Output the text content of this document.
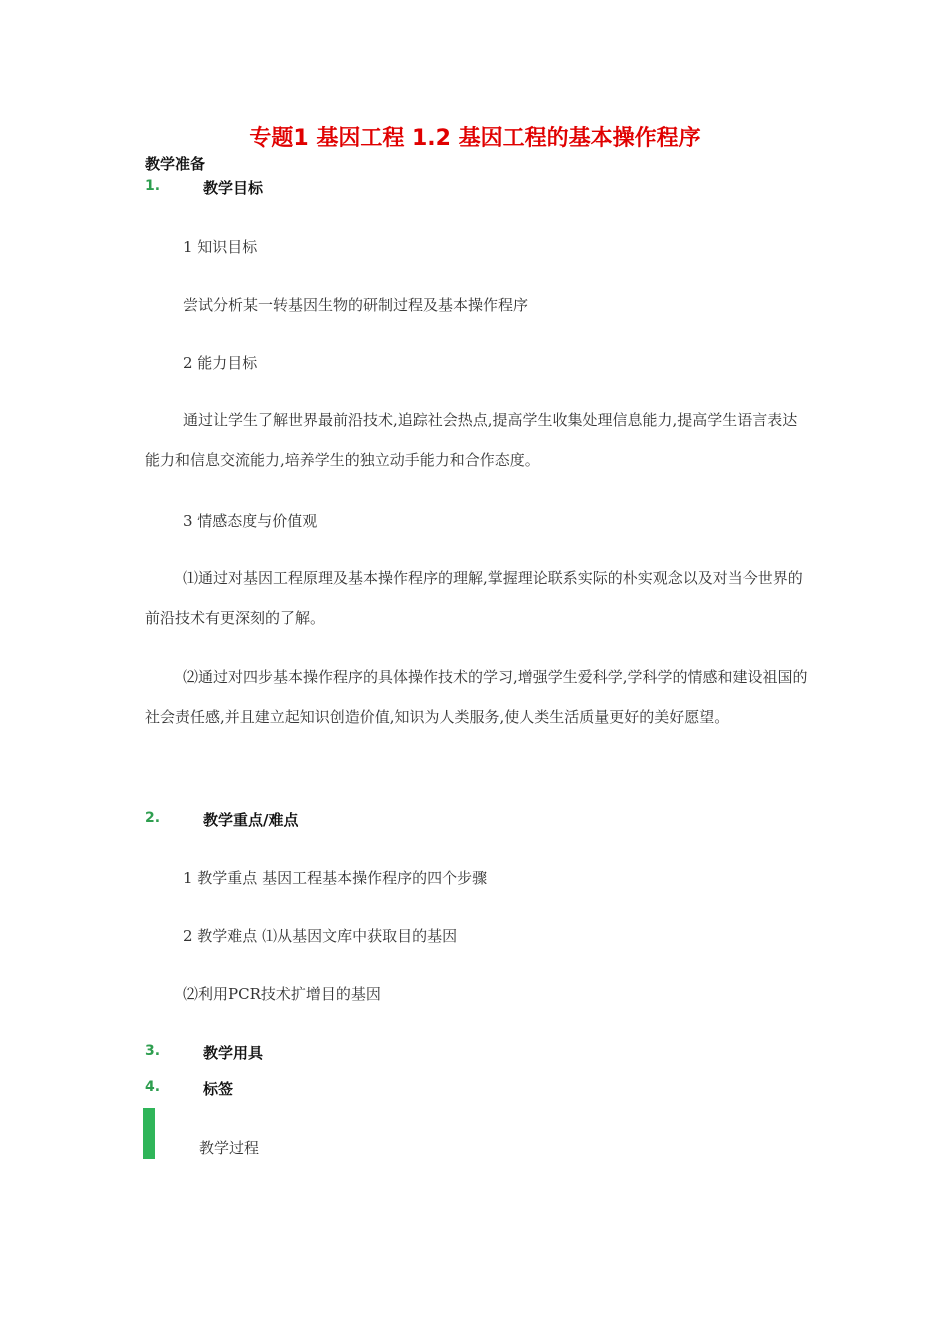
专题1 基因工程 1.2 基因工程的基本操作程序
教学准备
1.	教学目标
1 知识目标
尝试分析某一转基因生物的研制过程及基本操作程序
2 能力目标
通过让学生了解世界最前沿技术,追踪社会热点,提高学生收集处理信息能力,提高学生语言表达能力和信息交流能力,培养学生的独立动手能力和合作态度。
3 情感态度与价值观
⑴通过对基因工程原理及基本操作程序的理解,掌握理论联系实际的朴实观念以及对当今世界的前沿技术有更深刻的了解。
⑵通过对四步基本操作程序的具体操作技术的学习,增强学生爱科学,学科学的情感和建设祖国的社会责任感,并且建立起知识创造价值,知识为人类服务,使人类生活质量更好的美好愿望。
2.	教学重点/难点
1 教学重点 基因工程基本操作程序的四个步骤
2 教学难点 ⑴从基因文库中获取目的基因
⑵利用PCR技术扩增目的基因
3.	教学用具
4.	标签
教学过程
